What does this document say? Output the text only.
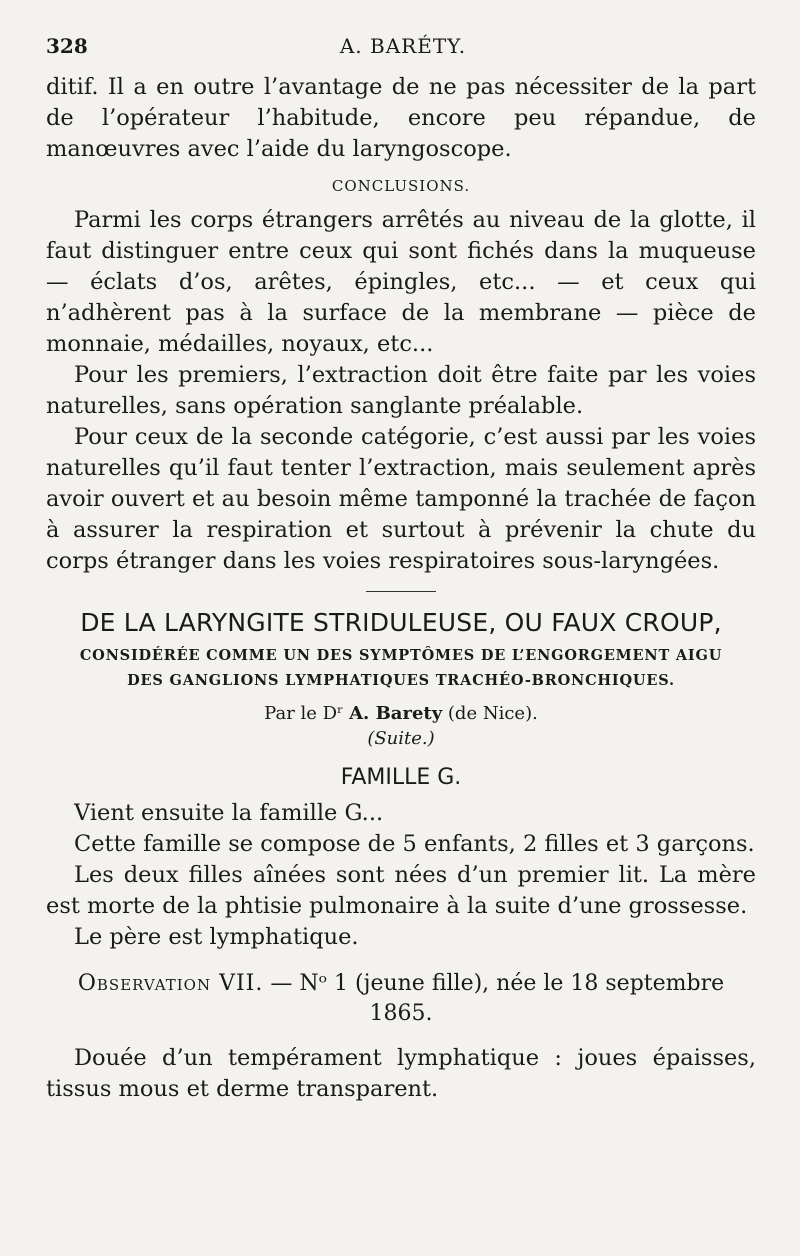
328	A. BARÉTY.

ditif. Il a en outre l’avantage de ne pas nécessiter de la part de l’opérateur l’habitude, encore peu répandue, de manœuvres avec l’aide du laryngoscope.

CONCLUSIONS.

Parmi les corps étrangers arrêtés au niveau de la glotte, il faut distinguer entre ceux qui sont fichés dans la muqueuse — éclats d’os, arêtes, épingles, etc... — et ceux qui n’adhèrent pas à la surface de la membrane — pièce de monnaie, médailles, noyaux, etc...

Pour les premiers, l’extraction doit être faite par les voies naturelles, sans opération sanglante préalable.

Pour ceux de la seconde catégorie, c’est aussi par les voies naturelles qu’il faut tenter l’extraction, mais seulement après avoir ouvert et au besoin même tamponné la trachée de façon à assurer la respiration et surtout à prévenir la chute du corps étranger dans les voies respiratoires sous-laryngées.

DE LA LARYNGITE STRIDULEUSE, OU FAUX CROUP,
CONSIDÉRÉE COMME UN DES SYMPTÔMES DE L’ENGORGEMENT AIGU
DES GANGLIONS LYMPHATIQUES TRACHÉO-BRONCHIQUES.
Par le Dʳ A. Barety (de Nice).
(Suite.)
FAMILLE G.

Vient ensuite la famille G...

Cette famille se compose de 5 enfants, 2 filles et 3 garçons.

Les deux filles aînées sont nées d’un premier lit. La mère est morte de la phtisie pulmonaire à la suite d’une grossesse.

Le père est lymphatique.

Observation VII. — Nᵒ 1 (jeune fille), née le 18 septembre
1865.

Douée d’un tempérament lymphatique : joues épaisses, tissus mous et derme transparent.
